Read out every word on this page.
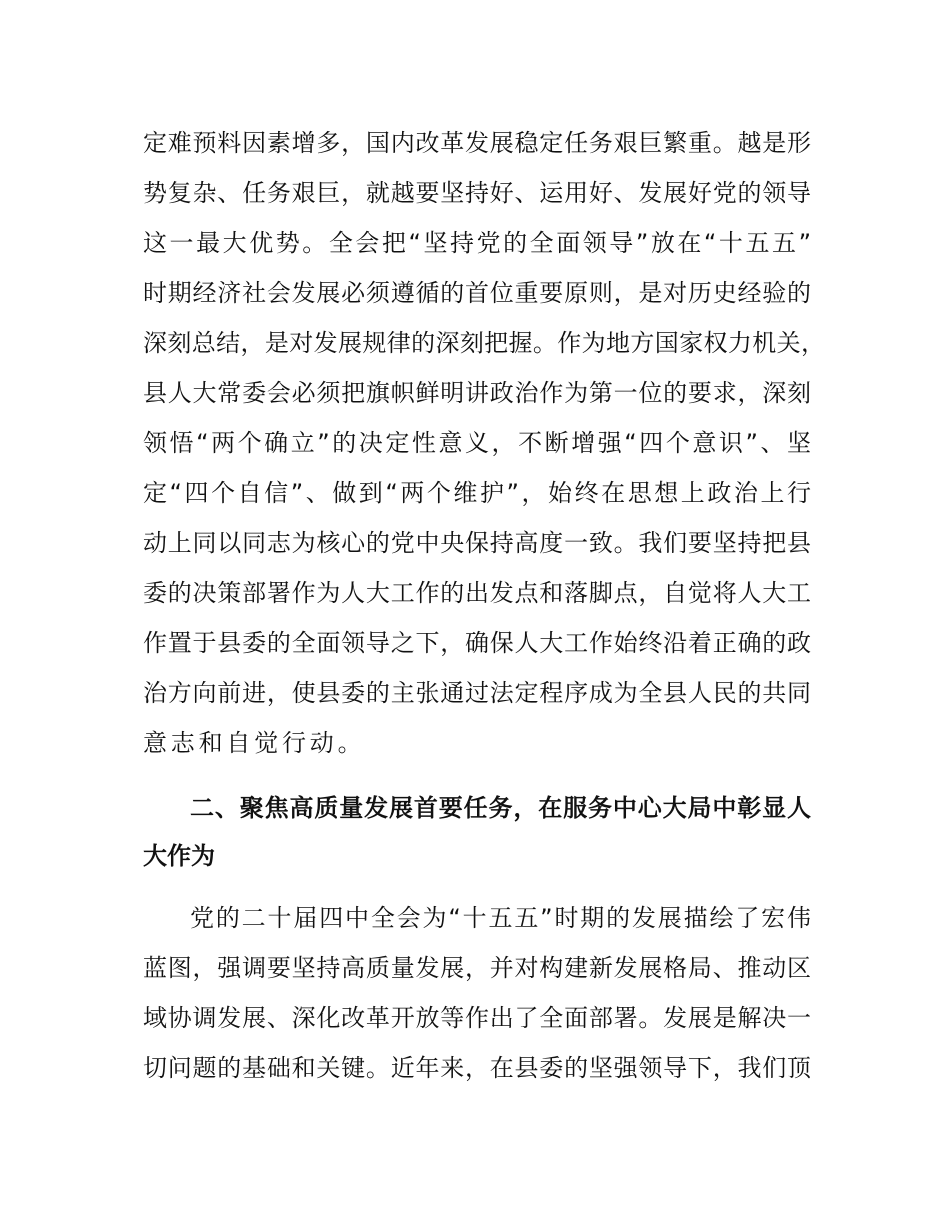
定难预料因素增多，国内改革发展稳定任务艰巨繁重。越是形
势复杂、任务艰巨，就越要坚持好、运用好、发展好党的领导
这一最大优势。全会把“坚持党的全面领导”放在“十五五”
时期经济社会发展必须遵循的首位重要原则，是对历史经验的
深刻总结，是对发展规律的深刻把握。作为地方国家权力机关，
县人大常委会必须把旗帜鲜明讲政治作为第一位的要求，深刻
领悟“两个确立”的决定性意义，不断增强“四个意识”、坚
定“四个自信”、做到“两个维护”，始终在思想上政治上行
动上同以同志为核心的党中央保持高度一致。我们要坚持把县
委的决策部署作为人大工作的出发点和落脚点，自觉将人大工
作置于县委的全面领导之下，确保人大工作始终沿着正确的政
治方向前进，使县委的主张通过法定程序成为全县人民的共同
意志和自觉行动。
二、聚焦高质量发展首要任务，在服务中心大局中彰显人
大作为
党的二十届四中全会为“十五五”时期的发展描绘了宏伟
蓝图，强调要坚持高质量发展，并对构建新发展格局、推动区
域协调发展、深化改革开放等作出了全面部署。发展是解决一
切问题的基础和关键。近年来，在县委的坚强领导下，我们顶
